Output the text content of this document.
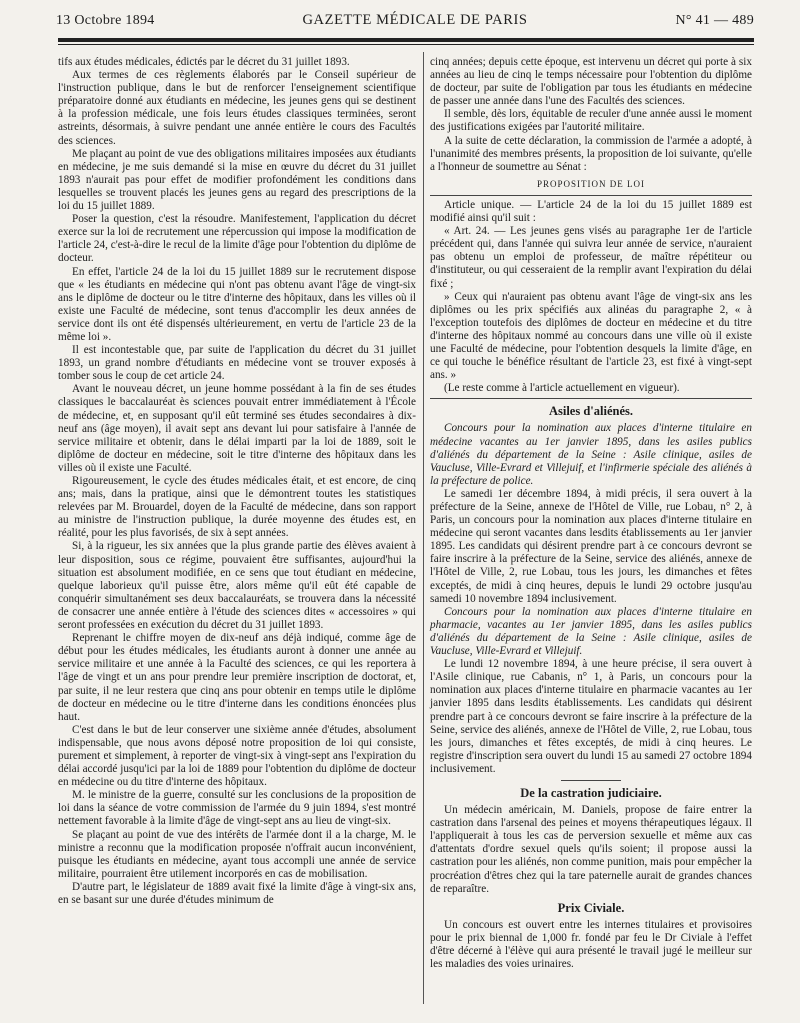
13 Octobre 1894	GAZETTE MÉDICALE DE PARIS	N° 41 — 489

tifs aux études médicales, édictés par le décret du 31 juillet 1893.

Aux termes de ces règlements élaborés par le Conseil supérieur de l'instruction publique, dans le but de renforcer l'enseignement scientifique préparatoire donné aux étudiants en médecine, les jeunes gens qui se destinent à la profession médicale, une fois leurs études classiques terminées, seront astreints, désormais, à suivre pendant une année entière le cours des Facultés des sciences.

Me plaçant au point de vue des obligations militaires imposées aux étudiants en médecine, je me suis demandé si la mise en œuvre du décret du 31 juillet 1893 n'aurait pas pour effet de modifier profondément les conditions dans lesquelles se trouvent placés les jeunes gens au regard des prescriptions de la loi du 15 juillet 1889.

Poser la question, c'est la résoudre. Manifestement, l'application du décret exerce sur la loi de recrutement une répercussion qui impose la modification de l'article 24, c'est-à-dire le recul de la limite d'âge pour l'obtention du diplôme de docteur.

En effet, l'article 24 de la loi du 15 juillet 1889 sur le recrutement dispose que « les étudiants en médecine qui n'ont pas obtenu avant l'âge de vingt-six ans le diplôme de docteur ou le titre d'interne des hôpitaux, dans les villes où il existe une Faculté de médecine, sont tenus d'accomplir les deux années de service dont ils ont été dispensés ultérieurement, en vertu de l'article 23 de la même loi ».

Il est incontestable que, par suite de l'application du décret du 31 juillet 1893, un grand nombre d'étudiants en médecine vont se trouver exposés à tomber sous le coup de cet article 24.

Avant le nouveau décret, un jeune homme possédant à la fin de ses études classiques le baccalauréat ès sciences pouvait entrer immédiatement à l'École de médecine, et, en supposant qu'il eût terminé ses études secondaires à dix-neuf ans (âge moyen), il avait sept ans devant lui pour satisfaire à l'année de service militaire et obtenir, dans le délai imparti par la loi de 1889, soit le diplôme de docteur en médecine, soit le titre d'interne des hôpitaux dans les villes où il existe une Faculté.

Rigoureusement, le cycle des études médicales était, et est encore, de cinq ans; mais, dans la pratique, ainsi que le démontrent toutes les statistiques relevées par M. Brouardel, doyen de la Faculté de médecine, dans son rapport au ministre de l'instruction publique, la durée moyenne des études est, en réalité, pour les plus favorisés, de six à sept années.

Si, à la rigueur, les six années que la plus grande partie des élèves avaient à leur disposition, sous ce régime, pouvaient être suffisantes, aujourd'hui la situation est absolument modifiée, en ce sens que tout étudiant en médecine, quelque laborieux qu'il puisse être, alors même qu'il eût été capable de conquérir simultanément ses deux baccalauréats, se trouvera dans la nécessité de consacrer une année entière à l'étude des sciences dites « accessoires » qui seront professées en exécution du décret du 31 juillet 1893.

Reprenant le chiffre moyen de dix-neuf ans déjà indiqué, comme âge de début pour les études médicales, les étudiants auront à donner une année au service militaire et une année à la Faculté des sciences, ce qui les reportera à l'âge de vingt et un ans pour prendre leur première inscription de doctorat, et, par suite, il ne leur restera que cinq ans pour obtenir en temps utile le diplôme de docteur en médecine ou le titre d'interne dans les conditions énoncées plus haut.

C'est dans le but de leur conserver une sixième année d'études, absolument indispensable, que nous avons déposé notre proposition de loi qui consiste, purement et simplement, à reporter de vingt-six à vingt-sept ans l'expiration du délai accordé jusqu'ici par la loi de 1889 pour l'obtention du diplôme de docteur en médecine ou du titre d'interne des hôpitaux.

M. le ministre de la guerre, consulté sur les conclusions de la proposition de loi dans la séance de votre commission de l'armée du 9 juin 1894, s'est montré nettement favorable à la limite d'âge de vingt-sept ans au lieu de vingt-six.

Se plaçant au point de vue des intérêts de l'armée dont il a la charge, M. le ministre a reconnu que la modification proposée n'offrait aucun inconvénient, puisque les étudiants en médecine, ayant tous accompli une année de service militaire, pourraient être utilement incorporés en cas de mobilisation.

D'autre part, le législateur de 1889 avait fixé la limite d'âge à vingt-six ans, en se basant sur une durée d'études minimum de

cinq années; depuis cette époque, est intervenu un décret qui porte à six années au lieu de cinq le temps nécessaire pour l'obtention du diplôme de docteur, par suite de l'obligation par tous les étudiants en médecine de passer une année dans l'une des Facultés des sciences.

Il semble, dès lors, équitable de reculer d'une année aussi le moment des justifications exigées par l'autorité militaire.

A la suite de cette déclaration, la commission de l'armée a adopté, à l'unanimité des membres présents, la proposition de loi suivante, qu'elle a l'honneur de soumettre au Sénat :

PROPOSITION DE LOI

Article unique. — L'article 24 de la loi du 15 juillet 1889 est modifié ainsi qu'il suit :

« Art. 24. — Les jeunes gens visés au paragraphe 1er de l'article précédent qui, dans l'année qui suivra leur année de service, n'auraient pas obtenu un emploi de professeur, de maître répétiteur ou d'instituteur, ou qui cesseraient de la remplir avant l'expiration du délai fixé ;

» Ceux qui n'auraient pas obtenu avant l'âge de vingt-six ans les diplômes ou les prix spécifiés aux alinéas du paragraphe 2, « à l'exception toutefois des diplômes de docteur en médecine et du titre d'interne des hôpitaux nommé au concours dans une ville où il existe une Faculté de médecine, pour l'obtention desquels la limite d'âge, en ce qui touche le bénéfice résultant de l'article 23, est fixé à vingt-sept ans. »

(Le reste comme à l'article actuellement en vigueur).

Asiles d'aliénés.

Concours pour la nomination aux places d'interne titulaire en médecine vacantes au 1er janvier 1895, dans les asiles publics d'aliénés du département de la Seine : Asile clinique, asiles de Vaucluse, Ville-Evrard et Villejuif, et l'infirmerie spéciale des aliénés à la préfecture de police.

Le samedi 1er décembre 1894, à midi précis, il sera ouvert à la préfecture de la Seine, annexe de l'Hôtel de Ville, rue Lobau, n° 2, à Paris, un concours pour la nomination aux places d'interne titulaire en médecine qui seront vacantes dans lesdits établissements au 1er janvier 1895. Les candidats qui désirent prendre part à ce concours devront se faire inscrire à la préfecture de la Seine, service des aliénés, annexe de l'Hôtel de Ville, 2, rue Lobau, tous les jours, les dimanches et fêtes exceptés, de midi à cinq heures, depuis le lundi 29 octobre jusqu'au samedi 10 novembre 1894 inclusivement.

Concours pour la nomination aux places d'interne titulaire en pharmacie, vacantes au 1er janvier 1895, dans les asiles publics d'aliénés du département de la Seine : Asile clinique, asiles de Vaucluse, Ville-Evrard et Villejuif.

Le lundi 12 novembre 1894, à une heure précise, il sera ouvert à l'Asile clinique, rue Cabanis, n° 1, à Paris, un concours pour la nomination aux places d'interne titulaire en pharmacie vacantes au 1er janvier 1895 dans lesdits établissements. Les candidats qui désirent prendre part à ce concours devront se faire inscrire à la préfecture de la Seine, service des aliénés, annexe de l'Hôtel de Ville, 2, rue Lobau, tous les jours, dimanches et fêtes exceptés, de midi à cinq heures. Le registre d'inscription sera ouvert du lundi 15 au samedi 27 octobre 1894 inclusivement.

De la castration judiciaire.

Un médecin américain, M. Daniels, propose de faire entrer la castration dans l'arsenal des peines et moyens thérapeutiques légaux. Il l'appliquerait à tous les cas de perversion sexuelle et même aux cas d'attentats d'ordre sexuel quels qu'ils soient; il propose aussi la castration pour les aliénés, non comme punition, mais pour empêcher la procréation d'êtres chez qui la tare paternelle aurait de grandes chances de reparaître.

Prix Civiale.

Un concours est ouvert entre les internes titulaires et provisoires pour le prix biennal de 1,000 fr. fondé par feu le Dr Civiale à l'effet d'être décerné à l'élève qui aura présenté le travail jugé le meilleur sur les maladies des voies urinaires.
